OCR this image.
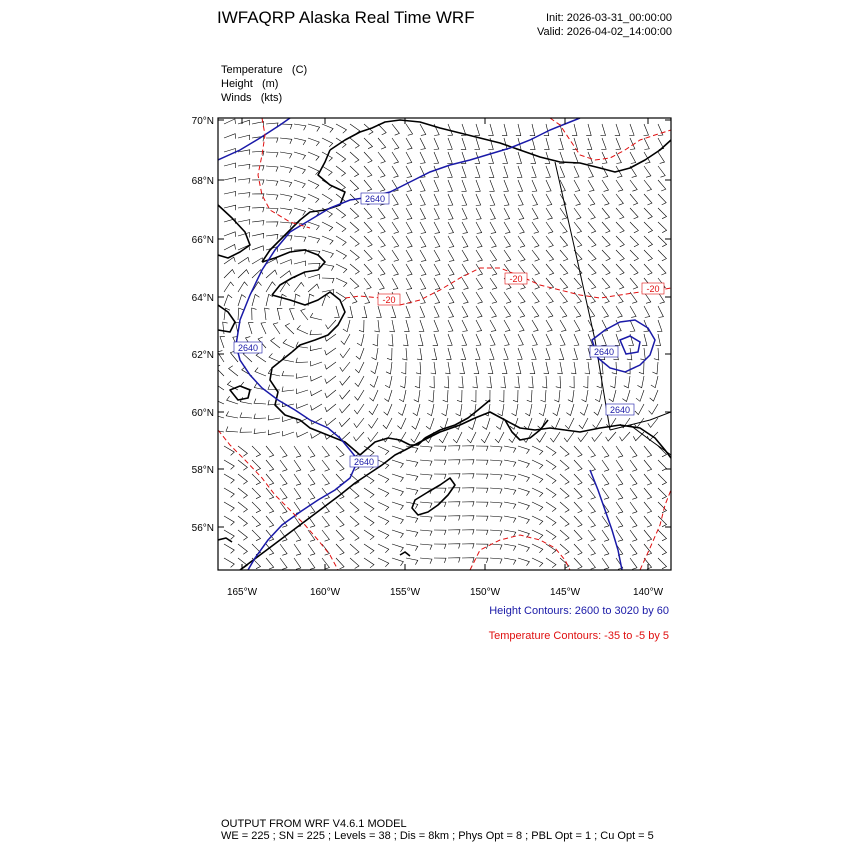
IWFAQRP Alaska Real Time WRF	Init: 2026-03-31_00:00:00
Valid: 2026-04-02_14:00:00
Temperature   (C)
Height   (m)
Winds   (kts)
2640
2640
2640
2640
2640
-20
-20
-20
70°N
68°N
66°N
64°N
62°N
60°N
58°N
56°N
165°W	160°W	155°W	150°W	145°W	140°W
Height Contours: 2600 to 3020 by 60
Temperature Contours: -35 to -5 by 5
OUTPUT FROM WRF V4.6.1 MODEL
WE = 225 ; SN = 225 ; Levels = 38 ; Dis = 8km ; Phys Opt = 8 ; PBL Opt = 1 ; Cu Opt = 5
